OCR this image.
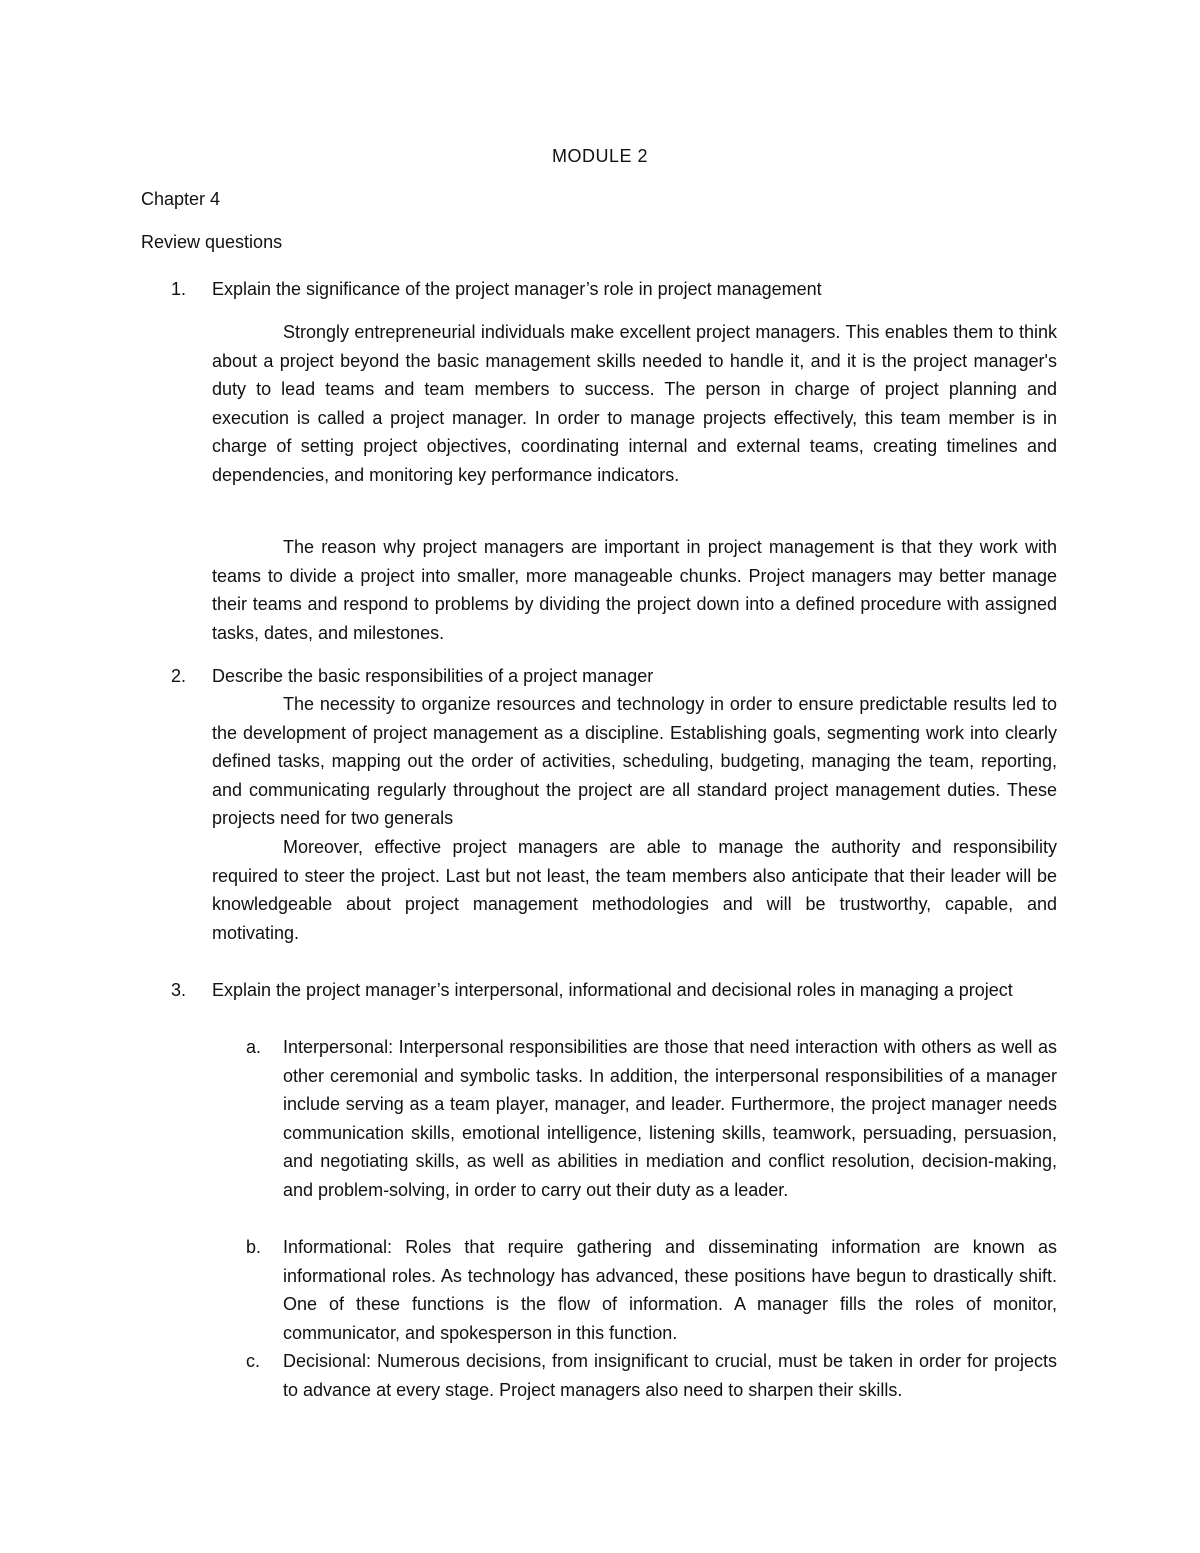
MODULE 2
Chapter 4
Review questions
1.	Explain the significance of the project manager’s role in project management
Strongly entrepreneurial individuals make excellent project managers. This enables them to think about a project beyond the basic management skills needed to handle it, and it is the project manager's duty to lead teams and team members to success. The person in charge of project planning and execution is called a project manager. In order to manage projects effectively, this team member is in charge of setting project objectives, coordinating internal and external teams, creating timelines and dependencies, and monitoring key performance indicators.
The reason why project managers are important in project management is that they work with teams to divide a project into smaller, more manageable chunks. Project managers may better manage their teams and respond to problems by dividing the project down into a defined procedure with assigned tasks, dates, and milestones.
2.	Describe the basic responsibilities of a project manager
The necessity to organize resources and technology in order to ensure predictable results led to the development of project management as a discipline. Establishing goals, segmenting work into clearly defined tasks, mapping out the order of activities, scheduling, budgeting, managing the team, reporting, and communicating regularly throughout the project are all standard project management duties. These projects need for two generals
Moreover, effective project managers are able to manage the authority and responsibility required to steer the project. Last but not least, the team members also anticipate that their leader will be knowledgeable about project management methodologies and will be trustworthy, capable, and motivating.
3.	Explain the project manager’s interpersonal, informational and decisional roles in managing a project
a.	Interpersonal: Interpersonal responsibilities are those that need interaction with others as well as other ceremonial and symbolic tasks. In addition, the interpersonal responsibilities of a manager include serving as a team player, manager, and leader. Furthermore, the project manager needs communication skills, emotional intelligence, listening skills, teamwork, persuading, persuasion, and negotiating skills, as well as abilities in mediation and conflict resolution, decision-making, and problem-solving, in order to carry out their duty as a leader.
b.	Informational: Roles that require gathering and disseminating information are known as informational roles. As technology has advanced, these positions have begun to drastically shift. One of these functions is the flow of information. A manager fills the roles of monitor, communicator, and spokesperson in this function.
c.	Decisional: Numerous decisions, from insignificant to crucial, must be taken in order for projects to advance at every stage. Project managers also need to sharpen their skills.
